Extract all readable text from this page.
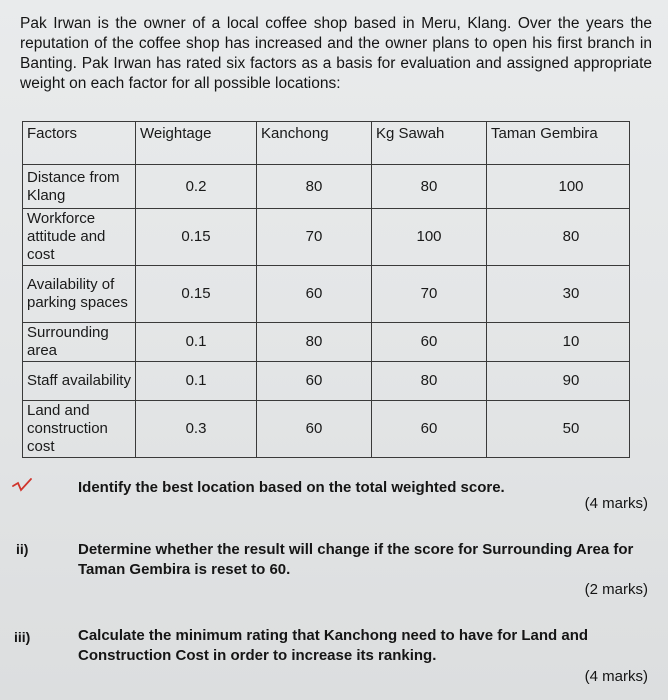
Pak Irwan is the owner of a local coffee shop based in Meru, Klang. Over the years the reputation of the coffee shop has increased and the owner plans to open his first branch in Banting. Pak Irwan has rated six factors as a basis for evaluation and assigned appropriate weight on each factor for all possible locations:
Factors	Weightage	Kanchong	Kg Sawah	Taman Gembira
Distance from Klang	0.2	80	80	100
Workforce attitude and cost	0.15	70	100	80
Availability of parking spaces	0.15	60	70	30
Surrounding area	0.1	80	60	10
Staff availability	0.1	60	80	90
Land and construction cost	0.3	60	60	50
Identify the best location based on the total weighted score.
(4 marks)
ii)	Determine whether the result will change if the score for Surrounding Area for Taman Gembira is reset to 60.
(2 marks)
iii)	Calculate the minimum rating that Kanchong need to have for Land and Construction Cost in order to increase its ranking.
(4 marks)
